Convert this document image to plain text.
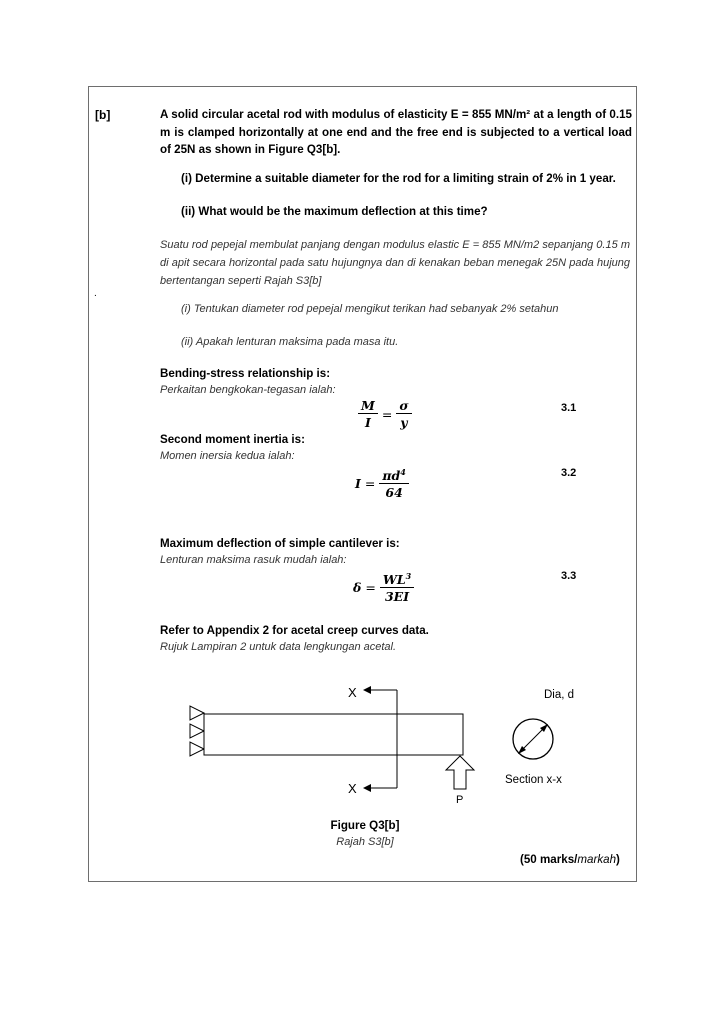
[b]	A solid circular acetal rod with modulus of elasticity E = 855 MN/m² at a length of 0.15 m is clamped horizontally at one end and the free end is subjected to a vertical load of 25N as shown in Figure Q3[b].
(i) Determine a suitable diameter for the rod for a limiting strain of 2% in 1 year.
(ii) What would be the maximum deflection at this time?
Suatu rod pepejal membulat panjang dengan modulus elastic E = 855 MN/m2 sepanjang 0.15 m di apit secara horizontal pada satu hujungnya dan di kenakan beban menegak 25N pada hujung bertentangan seperti Rajah S3[b]
.
(i) Tentukan diameter rod pepejal mengikut terikan had sebanyak 2% setahun
(ii) Apakah lenturan maksima pada masa itu.
Bending-stress relationship is:
Perkaitan bengkokan-tegasan ialah:
$\frac{M}{I} = \frac{\sigma}{y}$	3.1
Second moment inertia is:
Momen inersia kedua ialah:
$I = \frac{\pi d^4}{64}$	3.2
Maximum deflection of simple cantilever is:
Lenturan maksima rasuk mudah ialah:
$\delta = \frac{WL^3}{3EI}$	3.3
Refer to Appendix 2 for acetal creep curves data.
Rujuk Lampiran 2 untuk data lengkungan acetal.
X
X
P
Dia, d
Section x-x
Figure Q3[b]
Rajah S3[b]
(50 marks/markah)
